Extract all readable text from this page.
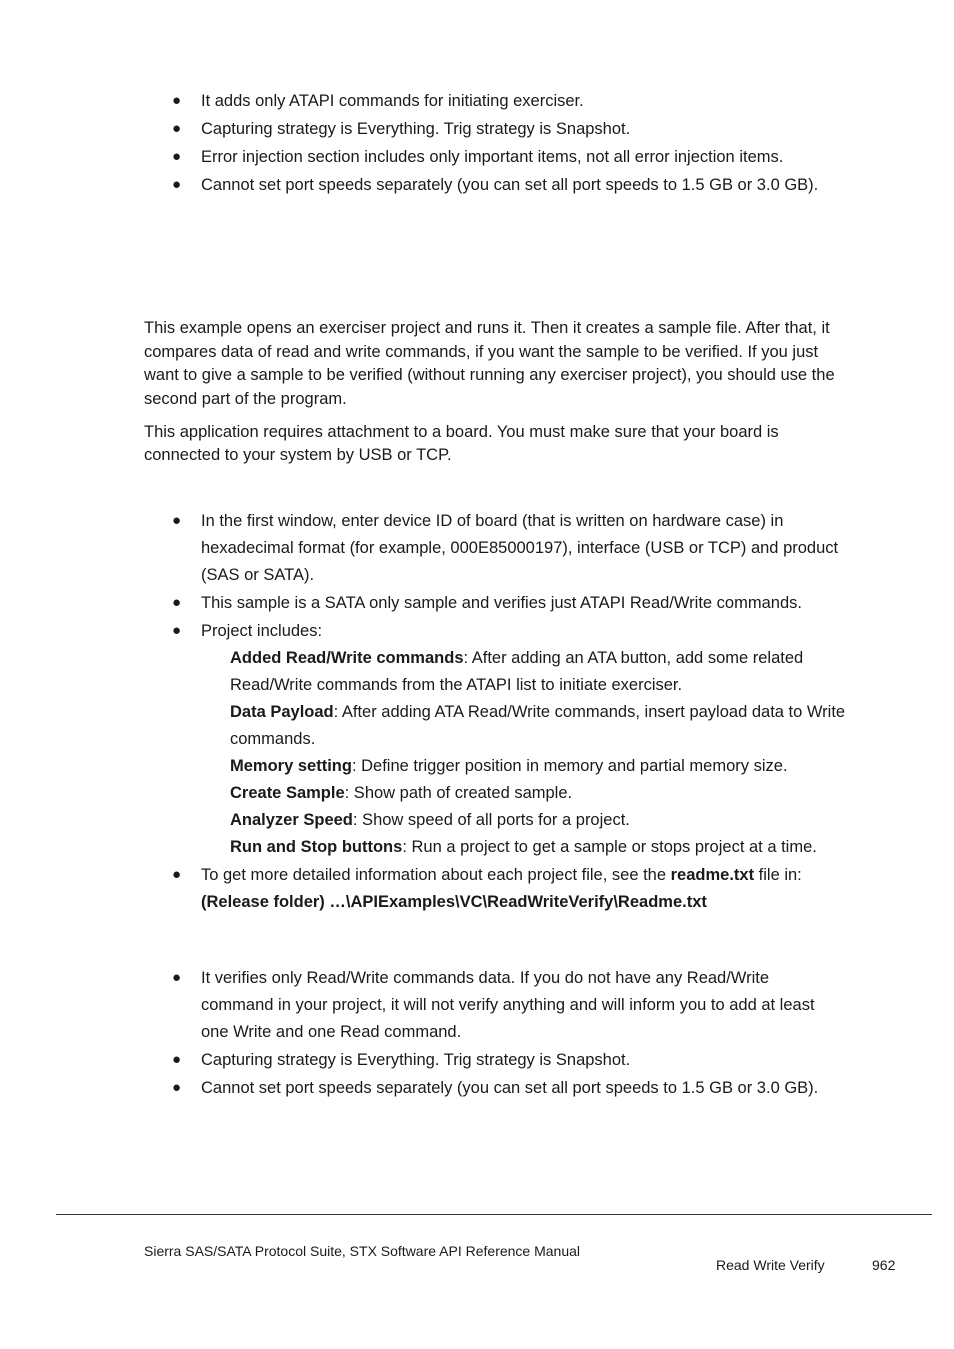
● It adds only ATAPI commands for initiating exerciser.
● Capturing strategy is Everything. Trig strategy is Snapshot.
● Error injection section includes only important items, not all error injection items.
● Cannot set port speeds separately (you can set all port speeds to 1.5 GB or 3.0 GB).
This example opens an exerciser project and runs it. Then it creates a sample file. After that, it
compares data of read and write commands, if you want the sample to be verified. If you just
want to give a sample to be verified (without running any exerciser project), you should use the
second part of the program.
This application requires attachment to a board. You must make sure that your board is
connected to your system by USB or TCP.
● In the first window, enter device ID of board (that is written on hardware case) in
hexadecimal format (for example, 000E85000197), interface (USB or TCP) and product
(SAS or SATA).
● This sample is a SATA only sample and verifies just ATAPI Read/Write commands.
● Project includes:
Added Read/Write commands: After adding an ATA button, add some related
Read/Write commands from the ATAPI list to initiate exerciser.
Data Payload: After adding ATA Read/Write commands, insert payload data to Write
commands.
Memory setting: Define trigger position in memory and partial memory size.
Create Sample: Show path of created sample.
Analyzer Speed: Show speed of all ports for a project.
Run and Stop buttons: Run a project to get a sample or stops project at a time.
● To get more detailed information about each project file, see the readme.txt file in:
(Release folder) …\APIExamples\VC\ReadWriteVerify\Readme.txt
● It verifies only Read/Write commands data. If you do not have any Read/Write
command in your project, it will not verify anything and will inform you to add at least
one Write and one Read command.
● Capturing strategy is Everything. Trig strategy is Snapshot.
● Cannot set port speeds separately (you can set all port speeds to 1.5 GB or 3.0 GB).
Sierra SAS/SATA Protocol Suite, STX Software API Reference Manual
Read Write Verify	962
